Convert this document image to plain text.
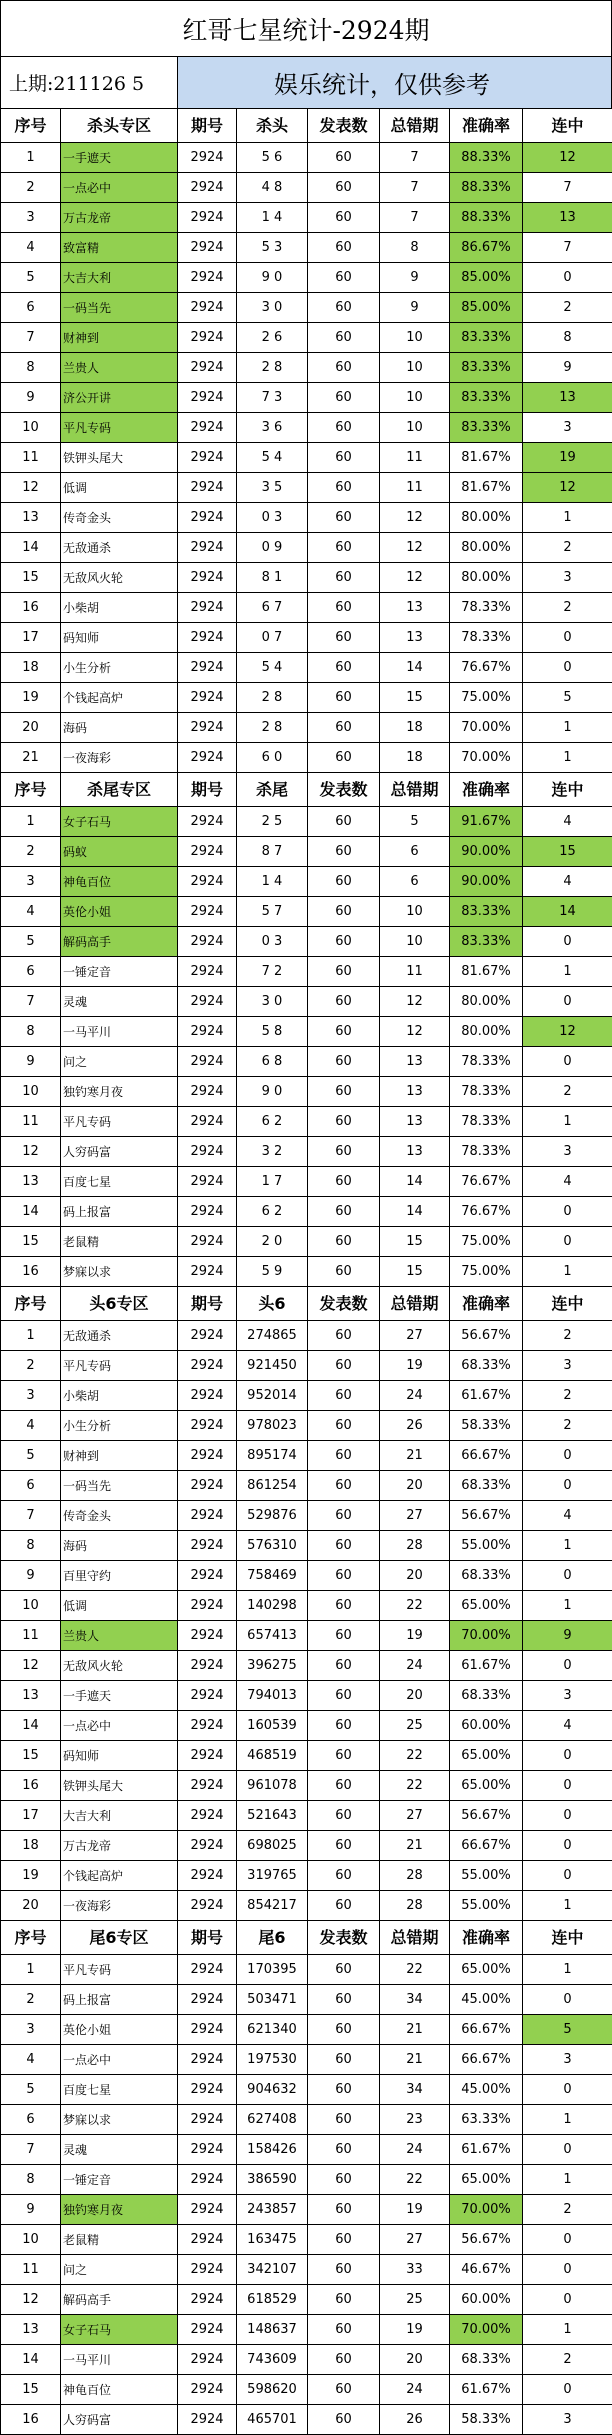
红哥七星统计-2924期
上期:211126 5	娱乐统计，仅供参考
序号	杀头专区	期号	杀头	发表数	总错期	准确率	连中
1	一手遮天	2924	5 6	60	7	88.33%	12
2	一点必中	2924	4 8	60	7	88.33%	7
3	万古龙帝	2924	1 4	60	7	88.33%	13
4	致富精	2924	5 3	60	8	86.67%	7
5	大吉大利	2924	9 0	60	9	85.00%	0
6	一码当先	2924	3 0	60	9	85.00%	2
7	财神到	2924	2 6	60	10	83.33%	8
8	兰贵人	2924	2 8	60	10	83.33%	9
9	济公开讲	2924	7 3	60	10	83.33%	13
10	平凡专码	2924	3 6	60	10	83.33%	3
11	铁钾头尾大	2924	5 4	60	11	81.67%	19
12	低调	2924	3 5	60	11	81.67%	12
13	传奇金头	2924	0 3	60	12	80.00%	1
14	无敌通杀	2924	0 9	60	12	80.00%	2
15	无敌风火轮	2924	8 1	60	12	80.00%	3
16	小柴胡	2924	6 7	60	13	78.33%	2
17	码知师	2924	0 7	60	13	78.33%	0
18	小生分析	2924	5 4	60	14	76.67%	0
19	个钱起高炉	2924	2 8	60	15	75.00%	5
20	海码	2924	2 8	60	18	70.00%	1
21	一夜海彩	2924	6 0	60	18	70.00%	1
序号	杀尾专区	期号	杀尾	发表数	总错期	准确率	连中
1	女子石马	2924	2 5	60	5	91.67%	4
2	码蚁	2924	8 7	60	6	90.00%	15
3	神龟百位	2924	1 4	60	6	90.00%	4
4	英伦小姐	2924	5 7	60	10	83.33%	14
5	解码高手	2924	0 3	60	10	83.33%	0
6	一锤定音	2924	7 2	60	11	81.67%	1
7	灵魂	2924	3 0	60	12	80.00%	0
8	一马平川	2924	5 8	60	12	80.00%	12
9	问之	2924	6 8	60	13	78.33%	0
10	独钓寒月夜	2924	9 0	60	13	78.33%	2
11	平凡专码	2924	6 2	60	13	78.33%	1
12	人穷码富	2924	3 2	60	13	78.33%	3
13	百度七星	2924	1 7	60	14	76.67%	4
14	码上报富	2924	6 2	60	14	76.67%	0
15	老鼠精	2924	2 0	60	15	75.00%	0
16	梦寐以求	2924	5 9	60	15	75.00%	1
序号	头6专区	期号	头6	发表数	总错期	准确率	连中
1	无敌通杀	2924	274865	60	27	56.67%	2
2	平凡专码	2924	921450	60	19	68.33%	3
3	小柴胡	2924	952014	60	24	61.67%	2
4	小生分析	2924	978023	60	26	58.33%	2
5	财神到	2924	895174	60	21	66.67%	0
6	一码当先	2924	861254	60	20	68.33%	0
7	传奇金头	2924	529876	60	27	56.67%	4
8	海码	2924	576310	60	28	55.00%	1
9	百里守约	2924	758469	60	20	68.33%	0
10	低调	2924	140298	60	22	65.00%	1
11	兰贵人	2924	657413	60	19	70.00%	9
12	无敌风火轮	2924	396275	60	24	61.67%	0
13	一手遮天	2924	794013	60	20	68.33%	3
14	一点必中	2924	160539	60	25	60.00%	4
15	码知师	2924	468519	60	22	65.00%	0
16	铁钾头尾大	2924	961078	60	22	65.00%	0
17	大吉大利	2924	521643	60	27	56.67%	0
18	万古龙帝	2924	698025	60	21	66.67%	0
19	个钱起高炉	2924	319765	60	28	55.00%	0
20	一夜海彩	2924	854217	60	28	55.00%	1
序号	尾6专区	期号	尾6	发表数	总错期	准确率	连中
1	平凡专码	2924	170395	60	22	65.00%	1
2	码上报富	2924	503471	60	34	45.00%	0
3	英伦小姐	2924	621340	60	21	66.67%	5
4	一点必中	2924	197530	60	21	66.67%	3
5	百度七星	2924	904632	60	34	45.00%	0
6	梦寐以求	2924	627408	60	23	63.33%	1
7	灵魂	2924	158426	60	24	61.67%	0
8	一锤定音	2924	386590	60	22	65.00%	1
9	独钓寒月夜	2924	243857	60	19	70.00%	2
10	老鼠精	2924	163475	60	27	56.67%	0
11	问之	2924	342107	60	33	46.67%	0
12	解码高手	2924	618529	60	25	60.00%	0
13	女子石马	2924	148637	60	19	70.00%	1
14	一马平川	2924	743609	60	20	68.33%	2
15	神龟百位	2924	598620	60	24	61.67%	0
16	人穷码富	2924	465701	60	26	58.33%	3
